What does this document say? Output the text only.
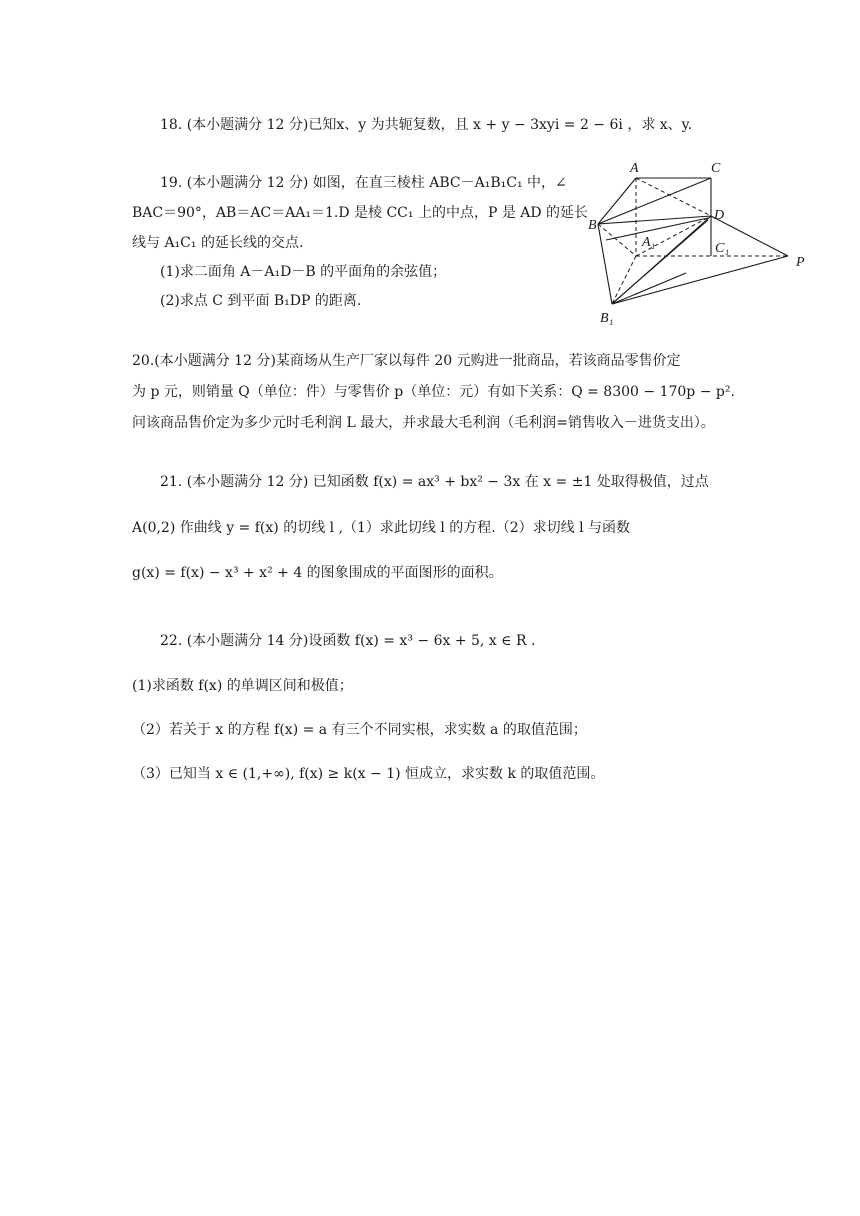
18. (本小题满分 12 分)已知x、y 为共轭复数，且 x + y − 3xyi = 2 − 6i ，求 x、y.
19. (本小题满分 12 分) 如图，在直三棱柱 ABC－A₁B₁C₁ 中，∠
BAC＝90°，AB＝AC＝AA₁＝1.D 是棱 CC₁ 上的中点，P 是 AD 的延长
线与 A₁C₁ 的延长线的交点.
(1)求二面角 A－A₁D－B 的平面角的余弦值；
(2)求点 C 到平面 B₁DP 的距离.
A	C
B
D
A₁	C₁
P
B₁
20.(本小题满分 12 分)某商场从生产厂家以每件 20 元购进一批商品，若该商品零售价定
为 p 元，则销量 Q（单位：件）与零售价 p（单位：元）有如下关系：Q = 8300 − 170p − p².
问该商品售价定为多少元时毛利润 L 最大，并求最大毛利润（毛利润=销售收入－进货支出）。
21. (本小题满分 12 分) 已知函数 f(x) = ax³ + bx² − 3x 在 x = ±1 处取得极值，过点
A(0,2) 作曲线 y = f(x) 的切线 l ,（1）求此切线 l 的方程.（2）求切线 l 与函数
g(x) = f(x) − x³ + x² + 4 的图象围成的平面图形的面积。
22. (本小题满分 14 分)设函数 f(x) = x³ − 6x + 5, x ∈ R .
(1)求函数 f(x) 的单调区间和极值；
（2）若关于 x 的方程 f(x) = a 有三个不同实根，求实数 a 的取值范围；
（3）已知当 x ∈ (1,+∞), f(x) ≥ k(x − 1) 恒成立，求实数 k 的取值范围。
